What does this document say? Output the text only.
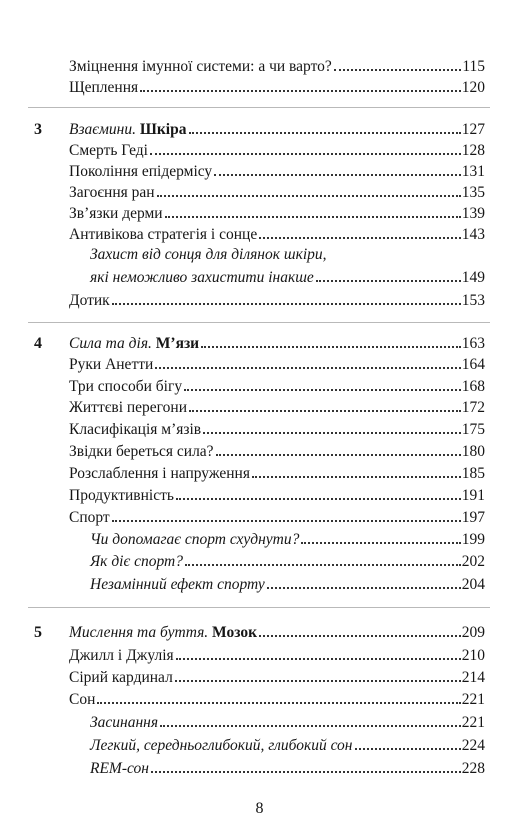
Зміцнення імунної системи: а чи варто?	115
Щеплення	120
3	Взаємини. Шкіра	127
Смерть Геді	128
Покоління епідермісу	131
Загоєння ран	135
Зв’язки дерми	139
Антивікова стратегія і сонце	143
Захист від сонця для ділянок шкіри,
які неможливо захистити інакше	149
Дотик	153
4	Сила та дія. М’язи	163
Руки Анетти	164
Три способи бігу	168
Життєві перегони	172
Класифікація м’язів	175
Звідки береться сила?	180
Розслаблення і напруження	185
Продуктивність	191
Спорт	197
Чи допомагає спорт схуднути?	199
Як діє спорт?	202
Незамінний ефект спорту	204
5	Мислення та буття. Мозок	209
Джилл і Джулія	210
Сірий кардинал	214
Сон	221
Засинання	221
Легкий, середньоглибокий, глибокий сон	224
REM-сон	228
8
